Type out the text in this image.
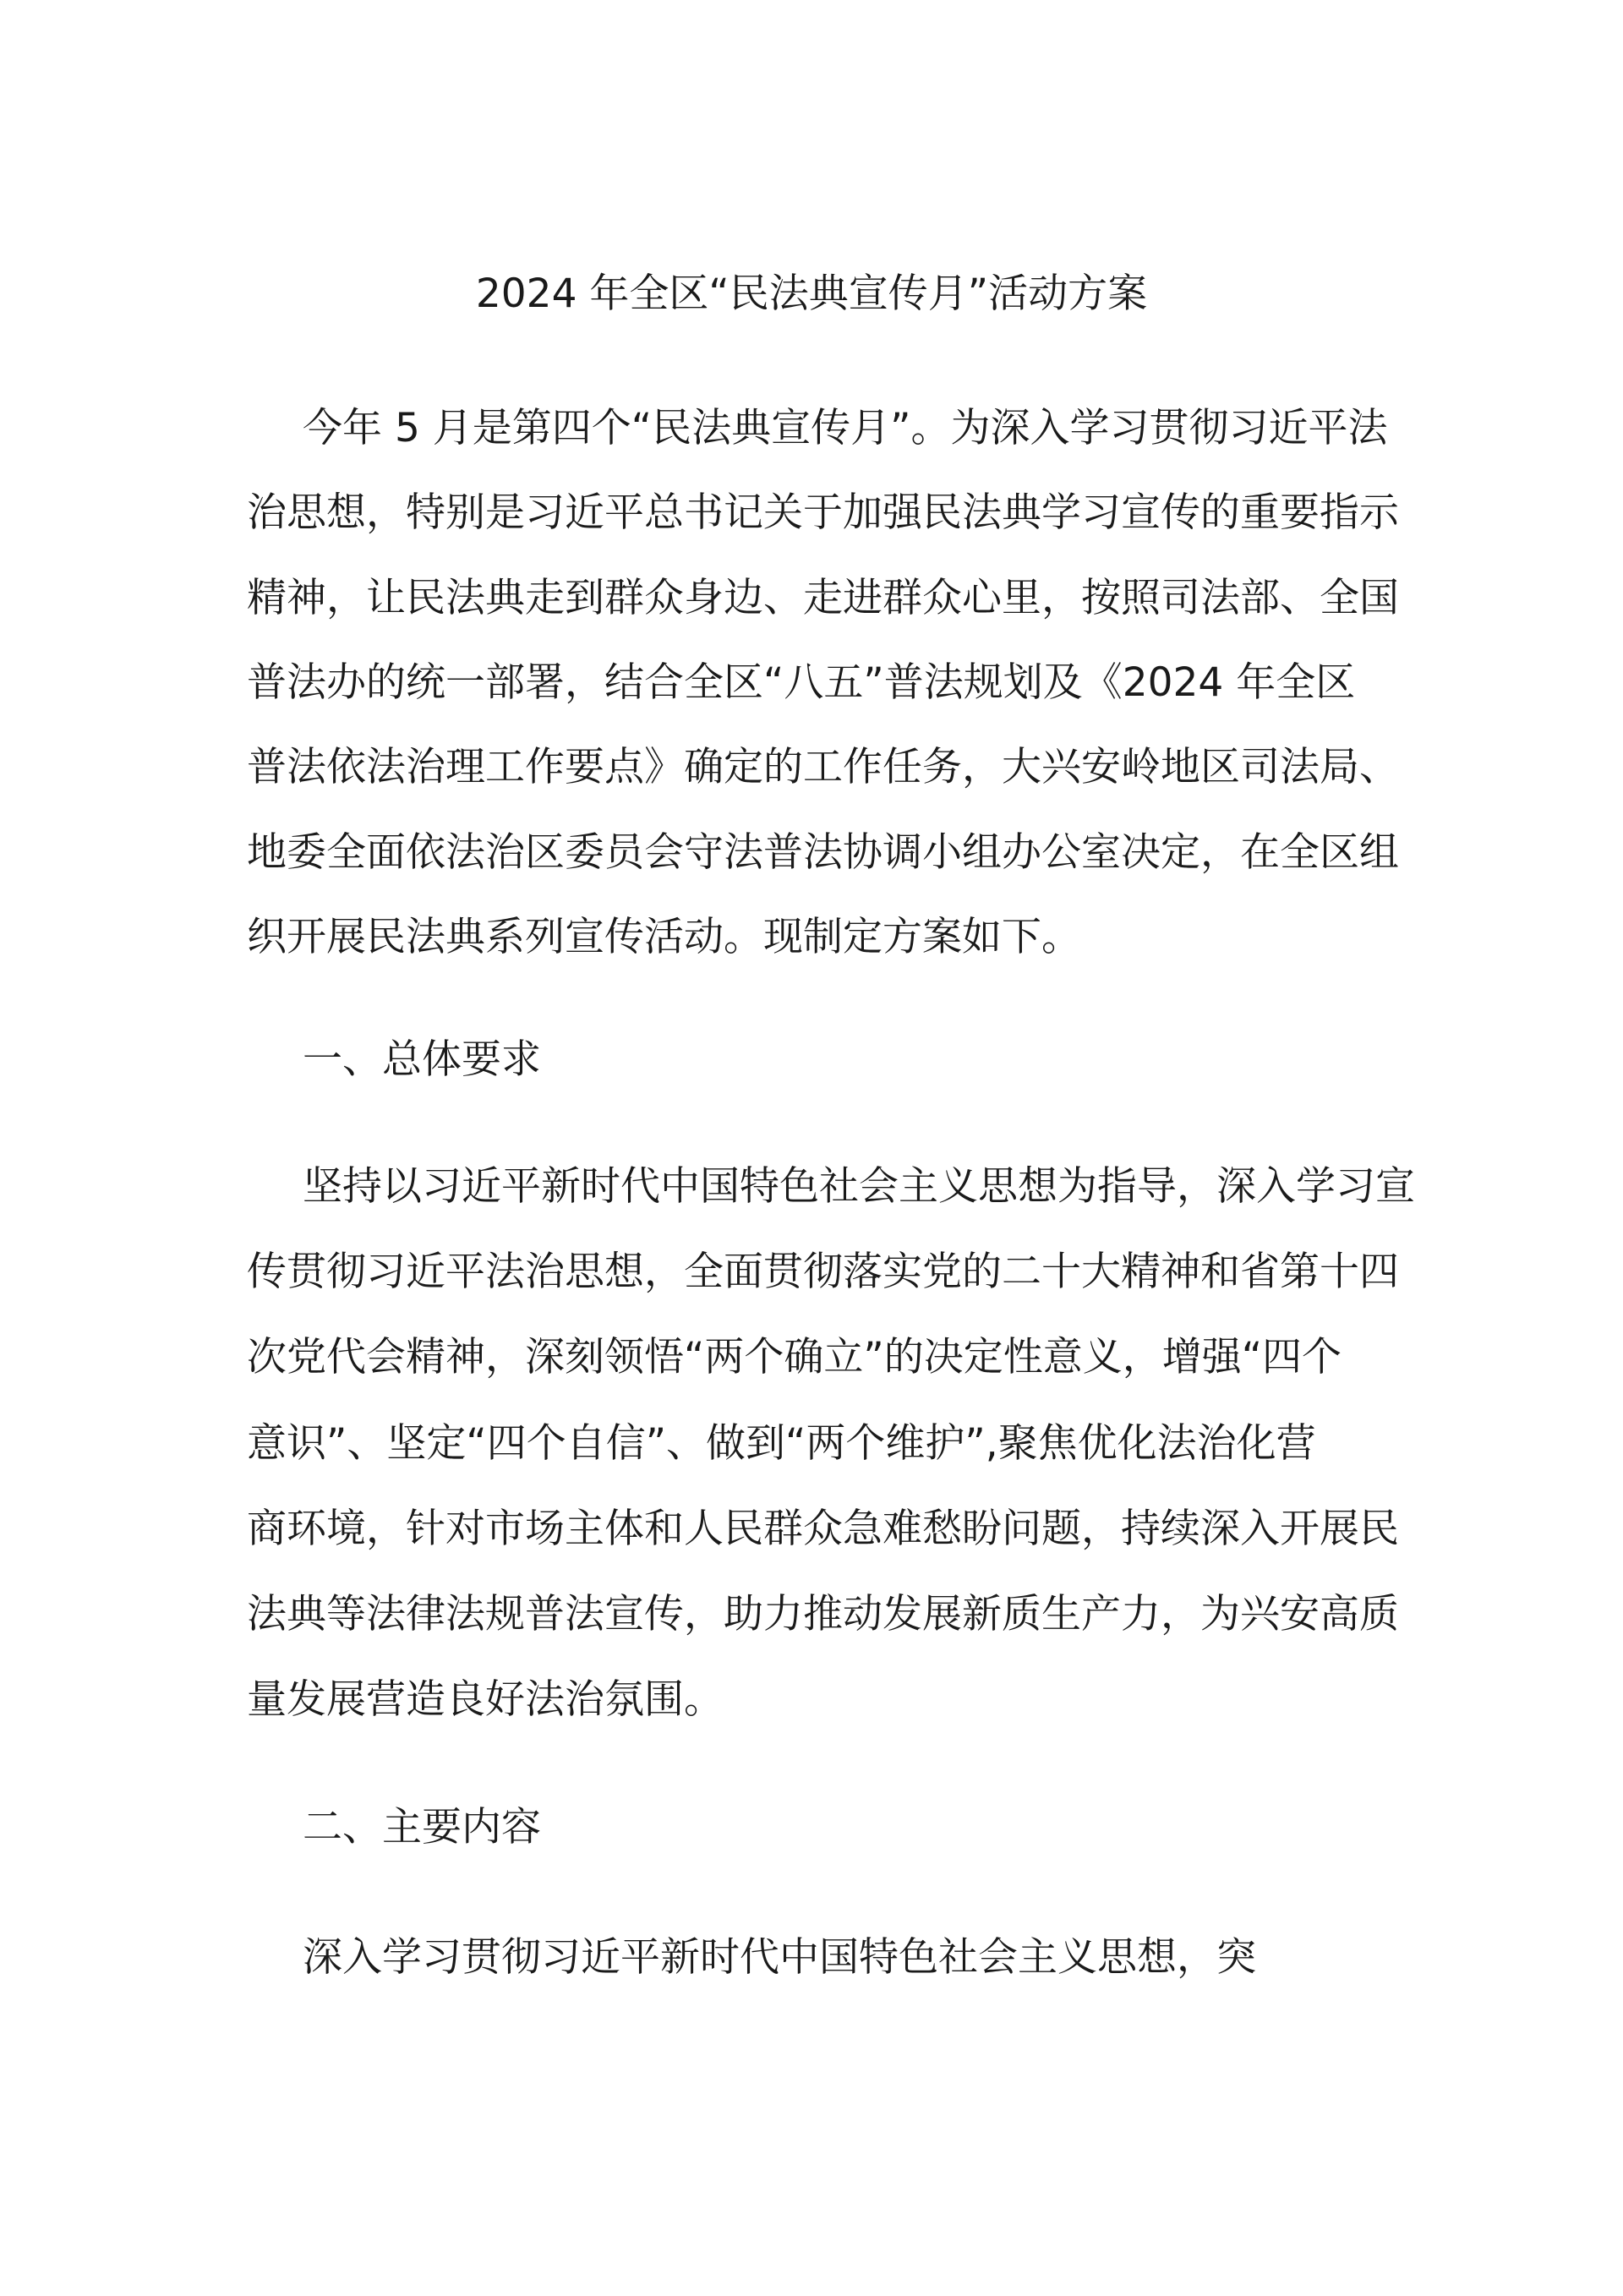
2024 年全区“民法典宣传月”活动方案
今年 5 月是第四个“民法典宣传月”。为深入学习贯彻习近平法
治思想，特别是习近平总书记关于加强民法典学习宣传的重要指示
精神，让民法典走到群众身边、走进群众心里，按照司法部、全国
普法办的统一部署，结合全区“八五”普法规划及《2024 年全区
普法依法治理工作要点》确定的工作任务，大兴安岭地区司法局、
地委全面依法治区委员会守法普法协调小组办公室决定，在全区组
织开展民法典系列宣传活动。现制定方案如下。
一、总体要求
坚持以习近平新时代中国特色社会主义思想为指导，深入学习宣
传贯彻习近平法治思想，全面贯彻落实党的二十大精神和省第十四
次党代会精神，深刻领悟“两个确立”的决定性意义，增强“四个
意识”、坚定“四个自信”、做到“两个维护”,聚焦优化法治化营
商环境，针对市场主体和人民群众急难愁盼问题，持续深入开展民
法典等法律法规普法宣传，助力推动发展新质生产力，为兴安高质
量发展营造良好法治氛围。
二、主要内容
深入学习贯彻习近平新时代中国特色社会主义思想，突
